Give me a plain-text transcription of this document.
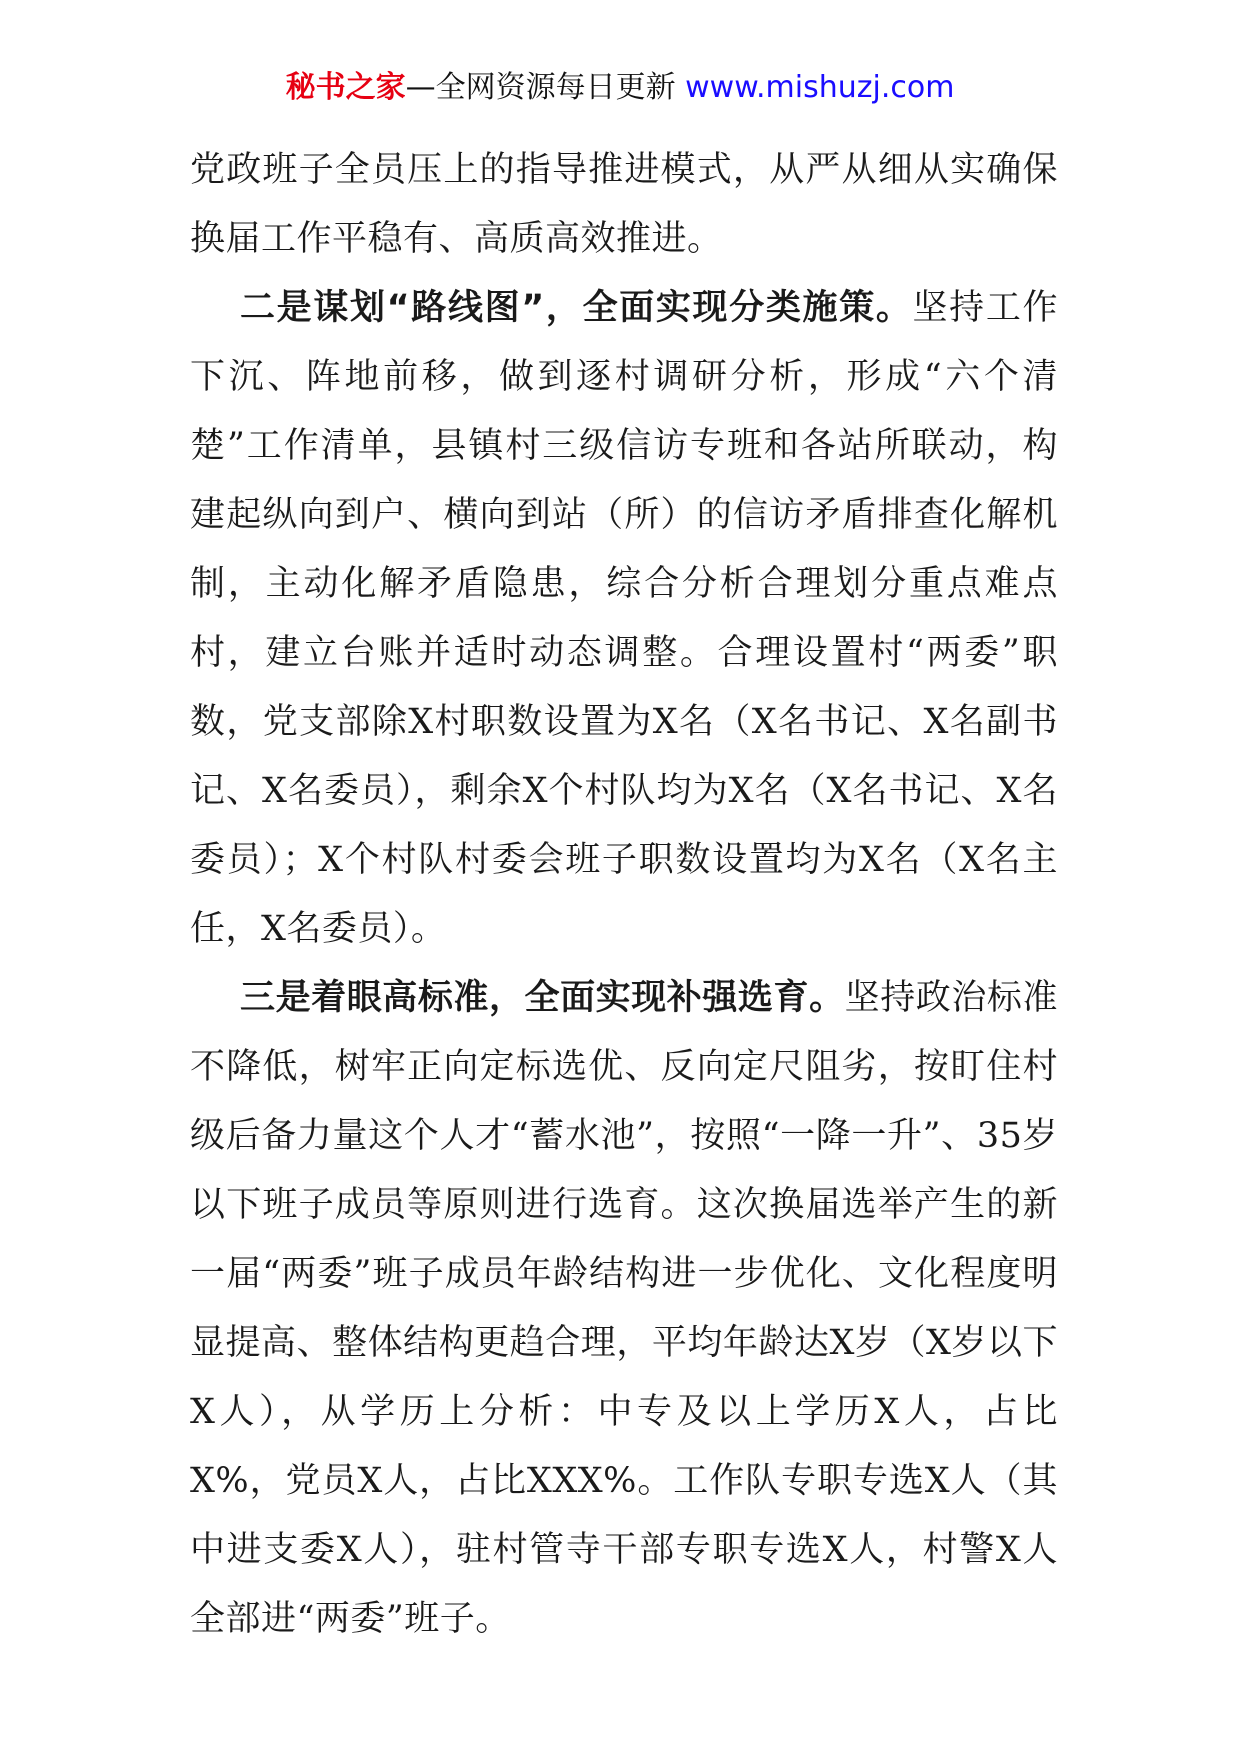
秘书之家—全网资源每日更新 www.mishuzj.com

党政班子全员压上的指导推进模式，从严从细从实确保换届工作平稳有、高质高效推进。

二是谋划“路线图”，全面实现分类施策。坚持工作下沉、阵地前移，做到逐村调研分析，形成“六个清楚”工作清单，县镇村三级信访专班和各站所联动，构建起纵向到户、横向到站（所）的信访矛盾排查化解机制，主动化解矛盾隐患，综合分析合理划分重点难点村，建立台账并适时动态调整。合理设置村“两委”职数，党支部除X村职数设置为X名（X名书记、X名副书记、X名委员），剩余X个村队均为X名（X名书记、X名委员）；X个村队村委会班子职数设置均为X名（X名主任，X名委员）。

三是着眼高标准，全面实现补强选育。坚持政治标准不降低，树牢正向定标选优、反向定尺阻劣，按盯住村级后备力量这个人才“蓄水池”，按照“一降一升”、35岁以下班子成员等原则进行选育。这次换届选举产生的新一届“两委”班子成员年龄结构进一步优化、文化程度明显提高、整体结构更趋合理，平均年龄达X岁（X岁以下X人），从学历上分析：中专及以上学历X人，占比X%，党员X人，占比XXX%。工作队专职专选X人（其中进支委X人），驻村管寺干部专职专选X人，村警X人全部进“两委”班子。
